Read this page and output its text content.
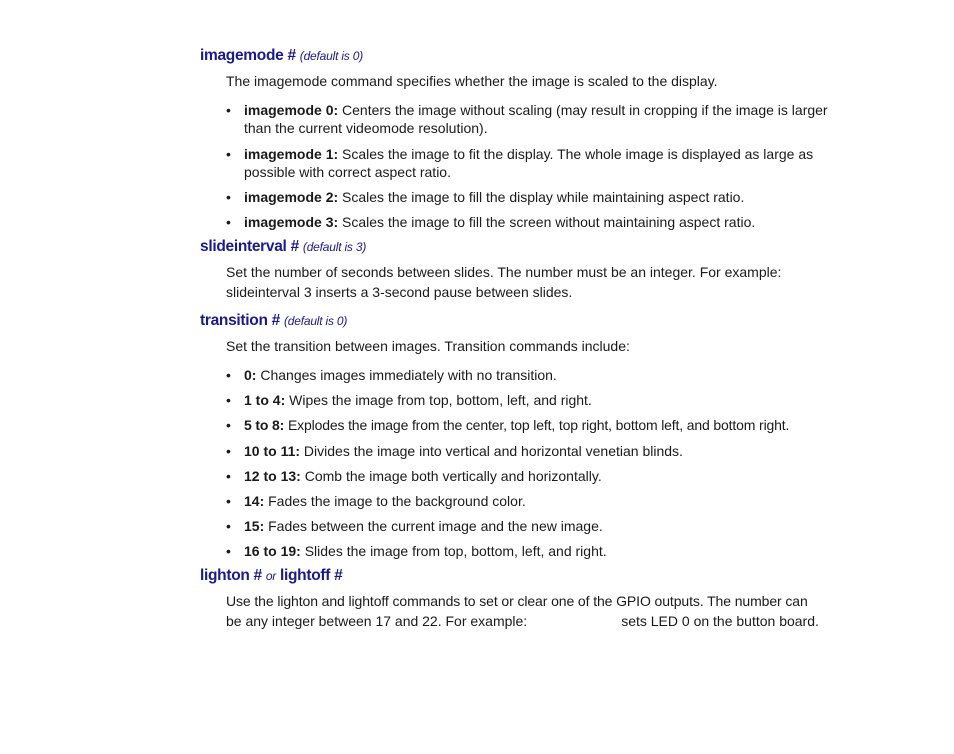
imagemode # (default is 0)

The imagemode command specifies whether the image is scaled to the display.

• imagemode 0: Centers the image without scaling (may result in cropping if the image is larger than the current videomode resolution).
• imagemode 1: Scales the image to fit the display. The whole image is displayed as large as possible with correct aspect ratio.
• imagemode 2: Scales the image to fill the display while maintaining aspect ratio.
• imagemode 3: Scales the image to fill the screen without maintaining aspect ratio.
slideinterval # (default is 3)

Set the number of seconds between slides. The number must be an integer. For example:

slideinterval 3 inserts a 3-second pause between slides.

transition # (default is 0)

Set the transition between images. Transition commands include:

• 0: Changes images immediately with no transition.
• 1 to 4: Wipes the image from top, bottom, left, and right.
• 5 to 8: Explodes the image from the center, top left, top right, bottom left, and bottom right.
• 10 to 11: Divides the image into vertical and horizontal venetian blinds.
• 12 to 13: Comb the image both vertically and horizontally.
• 14: Fades the image to the background color.
• 15: Fades between the current image and the new image.
• 16 to 19: Slides the image from top, bottom, left, and right.
lighton # or lightoff #

Use the lighton and lightoff commands to set or clear one of the GPIO outputs. The number can

be any integer between 17 and 22. For example:	sets LED 0 on the button board.
